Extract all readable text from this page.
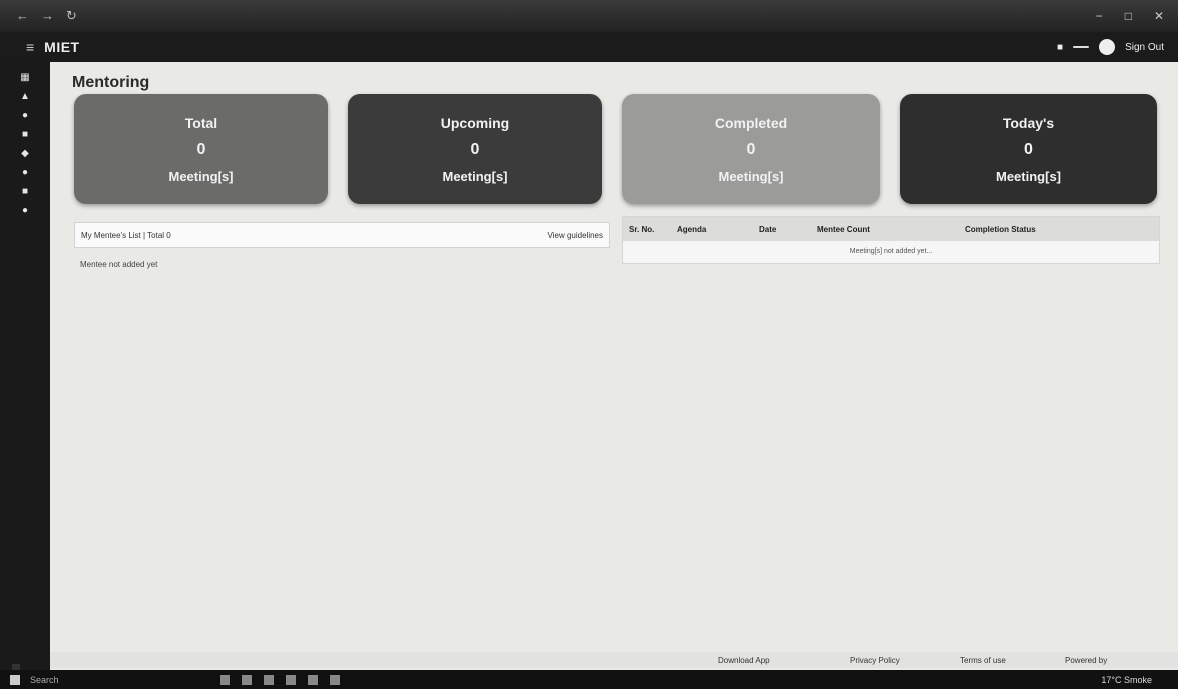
← → ↻	− □ ✕
≡ MIET	■	Sign Out
▦
▲
●
■
◆
●
■
●
Mentoring
Total
0
Meeting[s]
Upcoming
0
Meeting[s]
Completed
0
Meeting[s]
Today's
0
Meeting[s]
My Mentee's List | Total 0	View guidelines
Mentee not added yet
Sr. No.	Agenda	Date	Mentee Count	Completion Status
Meeting[s] not added yet...
Download App	Privacy Policy	Terms of use	Powered by
Search	17°C Smoke
